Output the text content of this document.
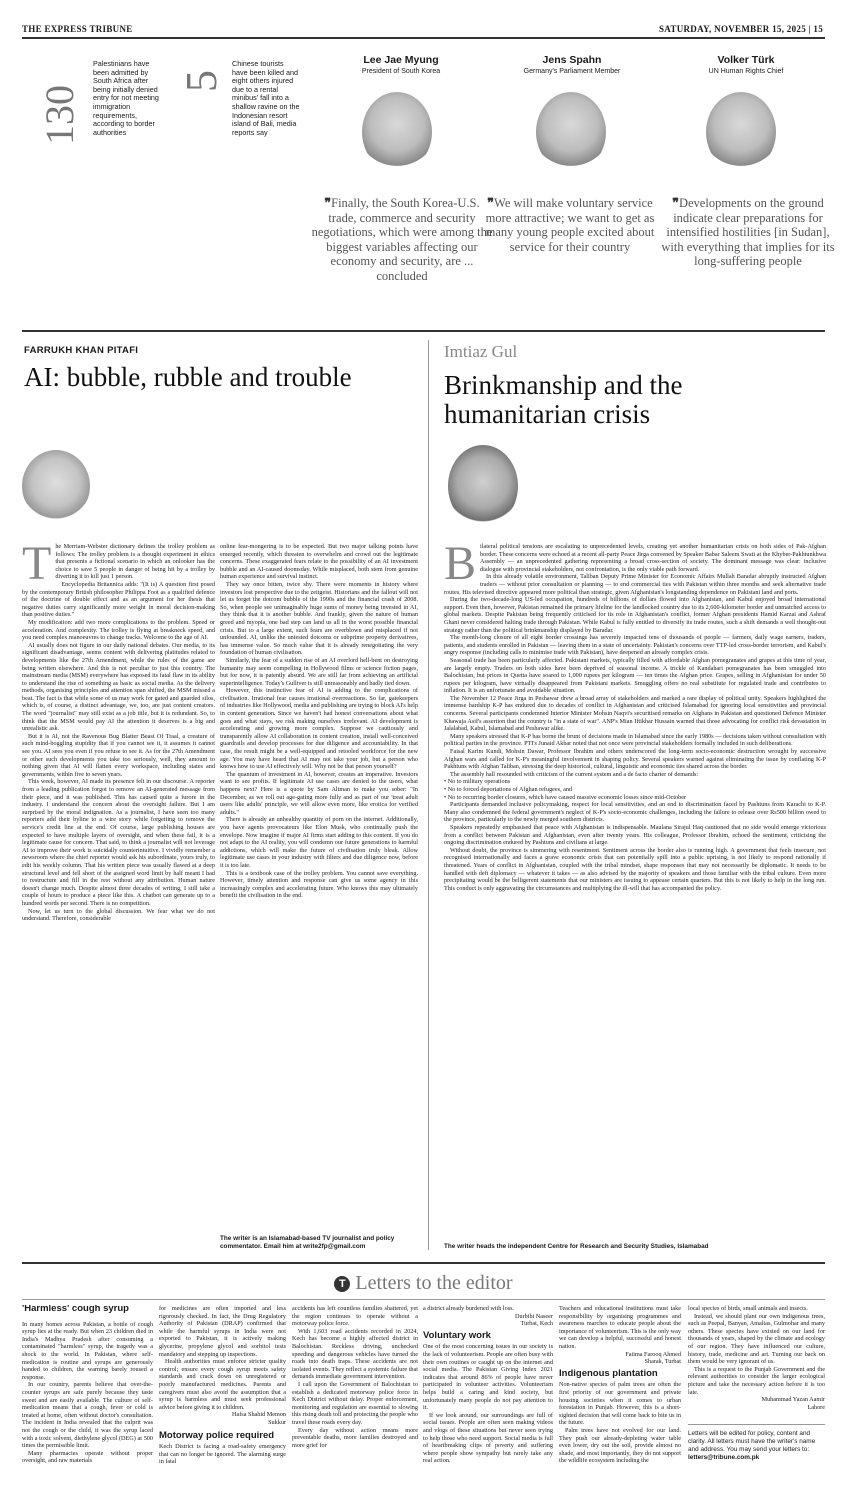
THE EXPRESS TRIBUNE	SATURDAY, NOVEMBER 15, 2025 | 15
130
Palestinians have been admitted by South Africa after being initially denied entry for not meeting immigration requirements, according to border authorities
5
Chinese tourists have been killed and eight others injured due to a rental minibus' fall into a shallow ravine on the Indonesian resort island of Bali, media reports say
Lee Jae Myung
President of South Korea
❞Finally, the South Korea-U.S. trade, commerce and security negotiations, which were among the biggest variables affecting our economy and security, are ... concluded
Jens Spahn
Germany's Parliament Member
❞We will make voluntary service more attractive; we want to get as many young people excited about service for their country
Volker Türk
UN Human Rights Chief
❞Developments on the ground indicate clear preparations for intensified hostilities [in Sudan], with everything that implies for its long-suffering people
FARRUKH KHAN PITAFI
AI: bubble, rubble and trouble
T he Merriam-Webster dictionary defines the trolley problem as follows: The trolley problem is a thought experiment in ethics that presents a fictional scenario in which an onlooker has the choice to save 5 people in danger of being hit by a trolley by diverting it to kill just 1 person.

Encyclopedia Britannica adds: "(It is) A question first posed by the contemporary British philosopher Philippa Foot as a qualified defence of the doctrine of double effect and as an argument for her thesis that negative duties carry significantly more weight in moral decision-making than positive duties."

My modification: add two more complications to the problem. Speed or acceleration. And complexity. The trolley is flying at breakneck speed, and you need complex manoeuvres to change tracks. Welcome to the age of AI.

AI usually does not figure in our daily national debates. Our media, to its significant disadvantage, seems content with delivering platitudes related to developments like the 27th Amendment, while the rules of the game are being written elsewhere. And this is not peculiar to just this country. The mainstream media (MSM) everywhere has exposed its fatal flaw in its ability to understand the rise of something as basic as social media. As the delivery methods, organising principles and attention span shifted, the MSM missed a beat. The fact is that while some of us may work for gated and guarded silos, which is, of course, a distinct advantage, we, too, are just content creators. The word "journalist" may still exist as a job title, but it is redundant. So, to think that the MSM would pay AI the attention it deserves is a big and unrealistic ask.

But it is AI, not the Ravenous Bug Blatter Beast Of Traal, a creature of such mind-boggling stupidity that if you cannot see it, it assumes it cannot see you. AI sees you even if you refuse to see it. As for the 27th Amendment or other such developments you take too seriously, well, they amount to nothing given that AI will flatten every workspace, including states and governments, within five to seven years.

This week, however, AI made its presence felt in our discourse. A reporter from a leading publication forgot to remove an AI-generated message from their piece, and it was published. This has caused quite a furore in the industry. I understand the concern about the oversight failure. But I am surprised by the moral indignation. As a journalist, I have seen too many reporters add their byline to a wire story while forgetting to remove the service's credit line at the end. Of course, large publishing houses are expected to have multiple layers of oversight, and when these fail, it is a legitimate cause for concern. That said, to think a journalist will not leverage AI to improve their work is suicidally counterintuitive. I vividly remember a newsroom where the chief reporter would ask his subordinate, yours truly, to edit his weekly column. That his written piece was usually flawed at a deep structural level and fell short of the assigned word limit by half meant I had to restructure and fill in the rest without any attribution. Human nature doesn't change much. Despite almost three decades of writing, I still take a couple of hours to produce a piece like this. A chatbot can generate up to a hundred words per second. There is no competition.

Now, let us turn to the global discussion. We fear what we do not understand. Therefore, considerable

online fear-mongering is to be expected. But two major talking points have emerged recently, which threaten to overwhelm and crowd out the legitimate concerns. These exaggerated fears relate to the possibility of an AI investment bubble and an AI-caused doomsday. While misplaced, both stem from genuine human experience and survival instinct.

They say once bitten, twice shy. There were moments in history where investors lost perspective due to the zeitgeist. Historians and the fallout will not let us forget the dotcom bubble of the 1990s and the financial crash of 2008. So, when people see unimaginably huge sums of money being invested in AI, they think that it is another bubble. And frankly, given the nature of human greed and myopia, one bad step can land us all in the worst possible financial crisis. But to a large extent, such fears are overblown and misplaced if not unfounded. AI, unlike the untested dotcoms or subprime property derivatives, has immense value. So much value that it is already renegotiating the very foundation of human civilisation.

Similarly, the fear of a sudden rise of an AI overlord hell-bent on destroying humanity may seem compelling in Hollywood films or science fiction pages, but for now, it is patently absurd. We are still far from achieving an artificial superintelligence. Today's Gulliver is still unreasonably and badly tied down.

However, this instinctive fear of AI is adding to the complications of civilisation. Irrational fear causes irrational overreactions. So far, gatekeepers of industries like Hollywood, media and publishing are trying to block AI's help in content generation. Since we haven't had honest conversations about what goes and what stays, we risk making ourselves irrelevant. AI development is accelerating and growing more complex. Suppose we cautiously and transparently allow AI collaboration in content creation, install well-conceived guardrails and develop processes for due diligence and accountability. In that case, the result might be a well-equipped and retooled workforce for the new age. You may have heard that AI may not take your job, but a person who knows how to use AI effectively will. Why not be that person yourself?

The quantum of investment in AI, however, creates an imperative. Investors want to see profits. If legitimate AI use cases are denied to the users, what happens next? Here is a quote by Sam Altman to make you sober: "In December, as we roll out age-gating more fully and as part of our 'treat adult users like adults' principle, we will allow even more, like erotica for verified adults."

There is already an unhealthy quantity of porn on the internet. Additionally, you have agents provocateurs like Elon Musk, who continually push the envelope. Now imagine if major AI firms start adding to this content. If you do not adapt to the AI reality, you will condemn our future generations to harmful addictions, which will make the future of civilisation truly bleak. Allow legitimate use cases in your industry with filters and due diligence now, before it is too late.

This is a textbook case of the trolley problem. You cannot save everything. However, timely attention and response can give us some agency in this increasingly complex and accelerating future. Who knows this may ultimately benefit the civilisation in the end.

The writer is an Islamabad-based TV journalist and policy commentator. Email him at write2fp@gmail.com
Imtiaz Gul
Brinkmanship and the humanitarian crisis
B ilateral political tensions are escalating to unprecedented levels, creating yet another humanitarian crisis on both sides of Pak-Afghan border. These concerns were echoed at a recent all-party Peace Jirga convened by Speaker Babar Saleem Swati at the Khyber-Pakhtunkhwa Assembly — an unprecedented gathering representing a broad cross-section of society. The dominant message was clear: inclusive dialogue with provincial stakeholders, not confrontation, is the only viable path forward.

In this already volatile environment, Taliban Deputy Prime Minister for Economic Affairs Mullah Baradar abruptly instructed Afghan traders — without prior consultation or planning — to end commercial ties with Pakistan within three months and seek alternative trade routes. His televised directive appeared more political than strategic, given Afghanistan's longstanding dependence on Pakistani land and ports.

During the two-decade-long US-led occupation, hundreds of billions of dollars flowed into Afghanistan, and Kabul enjoyed broad international support. Even then, however, Pakistan remained the primary lifeline for the landlocked country due to its 2,600-kilometer border and unmatched access to global markets. Despite Pakistan being frequently criticised for its role in Afghanistan's conflict, former Afghan presidents Hamid Karzai and Ashraf Ghani never considered halting trade through Pakistan. While Kabul is fully entitled to diversify its trade routes, such a shift demands a well thought-out strategy rather than the political brinkmanship displayed by Baradar.

The month-long closure of all eight border crossings has severely impacted tens of thousands of people — farmers, daily wage earners, traders, patients, and students enrolled in Pakistan — leaving them in a state of uncertainty. Pakistan's concerns over TTP-led cross-border terrorism, and Kabul's angry response (including calls to minimise trade with Pakistan), have deepened an already complex crisis.

Seasonal trade has been particularly affected. Pakistani markets, typically filled with affordable Afghan pomegranates and grapes at this time of year, are largely empty. Traders on both sides have been deprived of seasonal income. A trickle of Kandahari pomegranates has been smuggled into Balochistan, but prices in Quetta have soared to 1,000 rupees per kilogram — ten times the Afghan price. Grapes, selling in Afghanistan for under 50 rupees per kilogram, have virtually disappeared from Pakistani markets. Smuggling offers no real substitute for regulated trade and contributes to inflation. It is an unfortunate and avoidable situation.

The November 12 Peace Jirga in Peshawar drew a broad array of stakeholders and marked a rare display of political unity. Speakers highlighted the immense hardship K-P has endured due to decades of conflict in Afghanistan and criticised Islamabad for ignoring local sensitivities and provincial concerns. Several participants condemned Interior Minister Mohsin Naqvi's securitised remarks on Afghans in Pakistan and questioned Defence Minister Khawaja Asif's assertion that the country is "in a state of war". ANP's Mian Iftikhar Hussain warned that those advocating for conflict risk devastation in Jalalabad, Kabul, Islamabad and Peshawar alike.

Many speakers stressed that K-P has borne the brunt of decisions made in Islamabad since the early 1980s — decisions taken without consultation with political parties in the province. PTI's Junaid Akbar noted that not once were provincial stakeholders formally included in such deliberations.

Faisal Karim Kundi, Mohsin Dawar, Professor Ibrahim and others underscored the long-term socio-economic destruction wrought by successive Afghan wars and called for K-P's meaningful involvement in shaping policy. Several speakers warned against eliminating the issue by conflating K-P Pakhtuns with Afghan Taliban, stressing the deep historical, cultural, linguistic and economic ties shared across the border.

The assembly hall resounded with criticism of the current system and a de facto charter of demands:

• No to military operations

• No to forced deportations of Afghan refugees, and

• No to recurring border closures, which have caused massive economic losses since mid-October

Participants demanded inclusive policymaking, respect for local sensitivities, and an end to discrimination faced by Pashtuns from Karachi to K-P. Many also condemned the federal government's neglect of K-P's socio-economic challenges, including the failure to release over Rs500 billion owed to the province, particularly to the newly merged southern districts.

Speakers repeatedly emphasised that peace with Afghanistan is indispensable. Maulana Sirajul Haq cautioned that no side would emerge victorious from a conflict between Pakistan and Afghanistan, even after twenty years. His colleague, Professor Ibrahim, echoed the sentiment, criticising the ongoing discrimination endured by Pashtuns and civilians at large.

Without doubt, the province is simmering with resentment. Sentiment across the border also is running high. A government that feels insecure, not recognised internationally and faces a grave economic crisis that can potentially spill into a public uprising, is not likely to respond rationally if threatened. Years of conflict in Afghanistan, coupled with the tribal mindset, shape responses that may not necessarily be diplomatic. It needs to be handled with deft diplomacy — whatever it takes — as also advised by the majority of speakers and those familiar with the tribal culture. Even more precipitating would be the belligerent statements that our ministers are issuing to appease certain quarters. But this is not likely to help in the long run. This conduct is only aggravating the circumstances and multiplying the ill-will that has accompanied the policy.

The writer heads the independent Centre for Research and Security Studies, Islamabad
T Letters to the editor
'Harmless' cough syrup

In many homes across Pakistan, a bottle of cough syrup lies at the ready. But when 23 children died in India's Madhya Pradesh after consuming a contaminated "harmless" syrup, the tragedy was a shock to the world. In Pakistan, where self-medication is routine and syrups are generously handed to children, the warning barely roused a response.

In our country, parents believe that over-the-counter syrups are safe purely because they taste sweet and are easily available. The culture of self-medication means that a cough, fever or cold is treated at home, often without doctor's consultation. The incident in India revealed that the culprit was not the cough or the child, it was the syrup laced with a toxic solvent, diethylene glycol (DEG) at 500 times the permissible limit.

Many pharmacies operate without proper oversight, and raw materials

for medicines are often imported and less rigorously checked. In fact, the Drug Regulatory Authority of Pakistan (DRAP) confirmed that while the harmful syrups in India were not exported to Pakistan, it is actively making glycerine, propylene glycol and sorbitol tests mandatory and stepping up inspections.

Health authorities must enforce stricter quality control; ensure every cough syrup meets safety standards and crack down on unregistered or poorly manufactured medicines. Parents and caregivers must also avoid the assumption that a syrup is harmless and must seek professional advice before giving it to children.

Hafsa Shahid Memon
Sukkur
Motorway police required

Kech District is facing a road-safety emergency that can no longer be ignored. The alarming surge in fatal

accidents has left countless families shattered, yet the region continues to operate without a motorway police force.

With 1,603 road accidents recorded in 2024, Kech has become a highly affected district in Balochistan. Reckless driving, unchecked speeding and dangerous vehicles have turned the roads into death traps. These accidents are not isolated events. They reflect a systemic failure that demands immediate government intervention.

I call upon the Government of Balochistan to establish a dedicated motorway police force in Kech District without delay. Proper enforcement, monitoring and regulation are essential to slowing this rising death toll and protecting the people who travel these roads every day.

Every day without action means more preventable deaths, more families destroyed and more grief for

a district already burdened with loss.

Durbibi Naseer
Turbat, Kech
Voluntary work

One of the most concerning issues in our society is the lack of volunteerism. People are often busy with their own routines or caught up on the internet and social media. The Pakistan Giving Index 2021 indicates that around 86% of people have never participated in volunteer activities. Volunteerism helps build a caring and kind society, but unfortunately many people do not pay attention to it.

If we look around, our surroundings are full of social issues. People are often seen making videos and vlogs of these situations but never seen trying to help those who need support. Social media is full of heartbreaking clips of poverty and suffering where people show sympathy but rarely take any real action.

Teachers and educational institutions must take responsibility by organising programmes and awareness marches to educate people about the importance of volunteerism. This is the only way we can develop a helpful, successful and honest nation.

Fatima Farooq Ahmed
Sharak, Turbat
Indigenous plantation

Non-native species of palm trees are often the first priority of our government and private housing societies when it comes to urban forestation in Punjab. However, this is a short-sighted decision that will come back to bite us in the future.

Palm trees have not evolved for our land. They push our already-depleting water table even lower, dry out the soil, provide almost no shade, and most importantly, they do not support the wildlife ecosystem including the

local species of birds, small animals and insects.

Instead, we should plant our own indigenous trees, such as Peepal, Banyan, Amaltas, Gulmohar and many others. These species have existed on our land for thousands of years, shaped by the climate and ecology of our region. They have influenced our culture, history, trade, medicine and art. Turning our back on them would be very ignorant of us.

This is a request to the Punjab Government and the relevant authorities to consider the larger ecological picture and take the necessary action before it is too late.

Muhammad Yazan Aamir
Lahore
Letters will be edited for policy, content and clarity. All letters must have the writer's name and address. You may send your letters to: letters@tribune.com.pk
